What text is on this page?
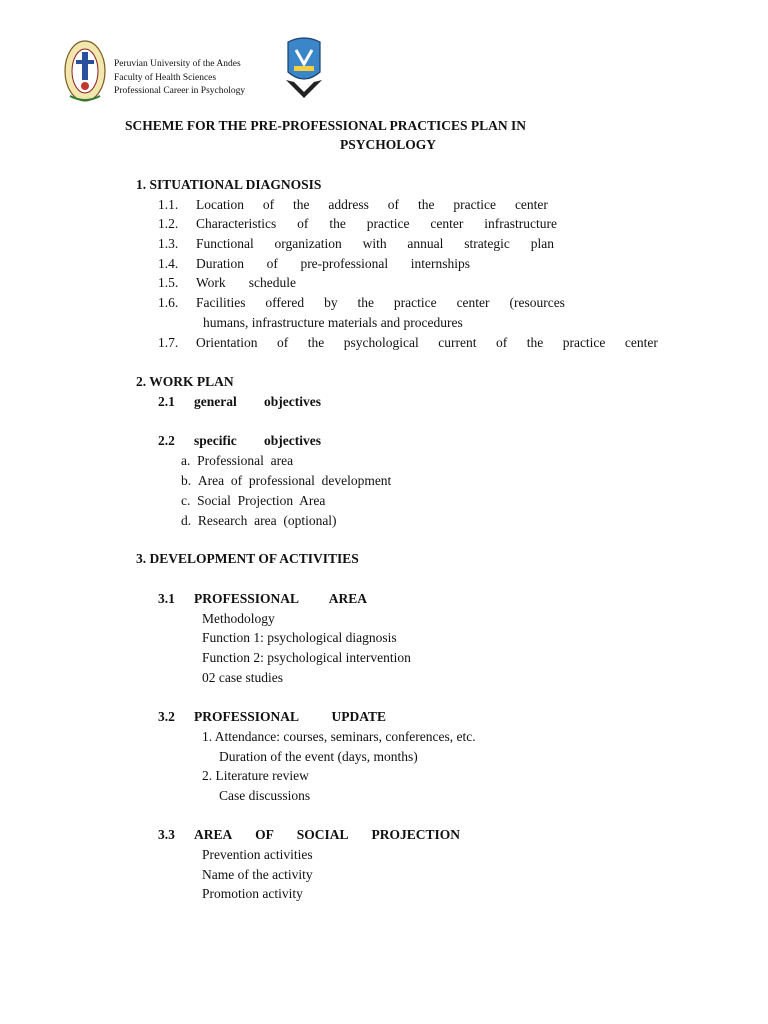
Peruvian University of the Andes
Faculty of Health Sciences
Professional Career in Psychology
SCHEME FOR THE PRE-PROFESSIONAL PRACTICES PLAN IN
PSYCHOLOGY
1. SITUATIONAL DIAGNOSIS
1.1. Location of the address of the practice center
1.2. Characteristics of the practice center infrastructure
1.3. Functional organization with annual strategic plan
1.4. Duration of pre-professional internships
1.5. Work schedule
1.6. Facilities offered by the practice center (resources
humans, infrastructure materials and procedures
1.7. Orientation of the psychological current of the practice center
2. WORK PLAN
2.1 general objectives
2.2 specific objectives
a. Professional  area
b. Area  of  professional  development
c. Social  Projection  Area
d. Research  area  (optional)
3. DEVELOPMENT OF ACTIVITIES
3.1 PROFESSIONAL AREA
Methodology
Function 1: psychological diagnosis
Function 2: psychological intervention
02 case studies
3.2 PROFESSIONAL UPDATE
1. Attendance: courses, seminars, conferences, etc.
Duration of the event (days, months)
2. Literature review
Case discussions
3.3 AREA OF SOCIAL PROJECTION
Prevention activities
Name of the activity
Promotion activity
